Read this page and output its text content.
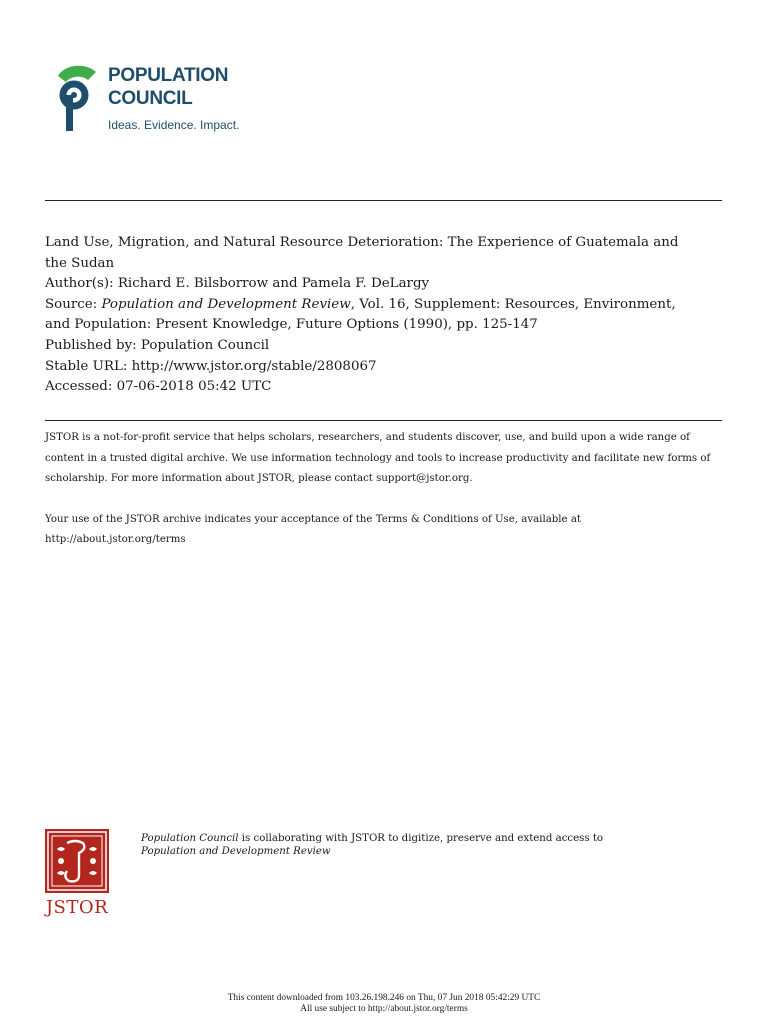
POPULATION
COUNCIL
Ideas. Evidence. Impact.
Land Use, Migration, and Natural Resource Deterioration: The Experience of Guatemala and
the Sudan
Author(s): Richard E. Bilsborrow and Pamela F. DeLargy
Source: Population and Development Review, Vol. 16, Supplement: Resources, Environment,
and Population: Present Knowledge, Future Options (1990), pp. 125-147
Published by: Population Council
Stable URL: http://www.jstor.org/stable/2808067
Accessed: 07-06-2018 05:42 UTC

JSTOR is a not-for-profit service that helps scholars, researchers, and students discover, use, and build upon a wide range of content in a trusted digital archive. We use information technology and tools to increase productivity and facilitate new forms of scholarship. For more information about JSTOR, please contact support@jstor.org.

Your use of the JSTOR archive indicates your acceptance of the Terms & Conditions of Use, available at
http://about.jstor.org/terms

JSTOR
Population Council is collaborating with JSTOR to digitize, preserve and extend access to
Population and Development Review
This content downloaded from 103.26.198.246 on Thu, 07 Jun 2018 05:42:29 UTC
All use subject to http://about.jstor.org/terms
